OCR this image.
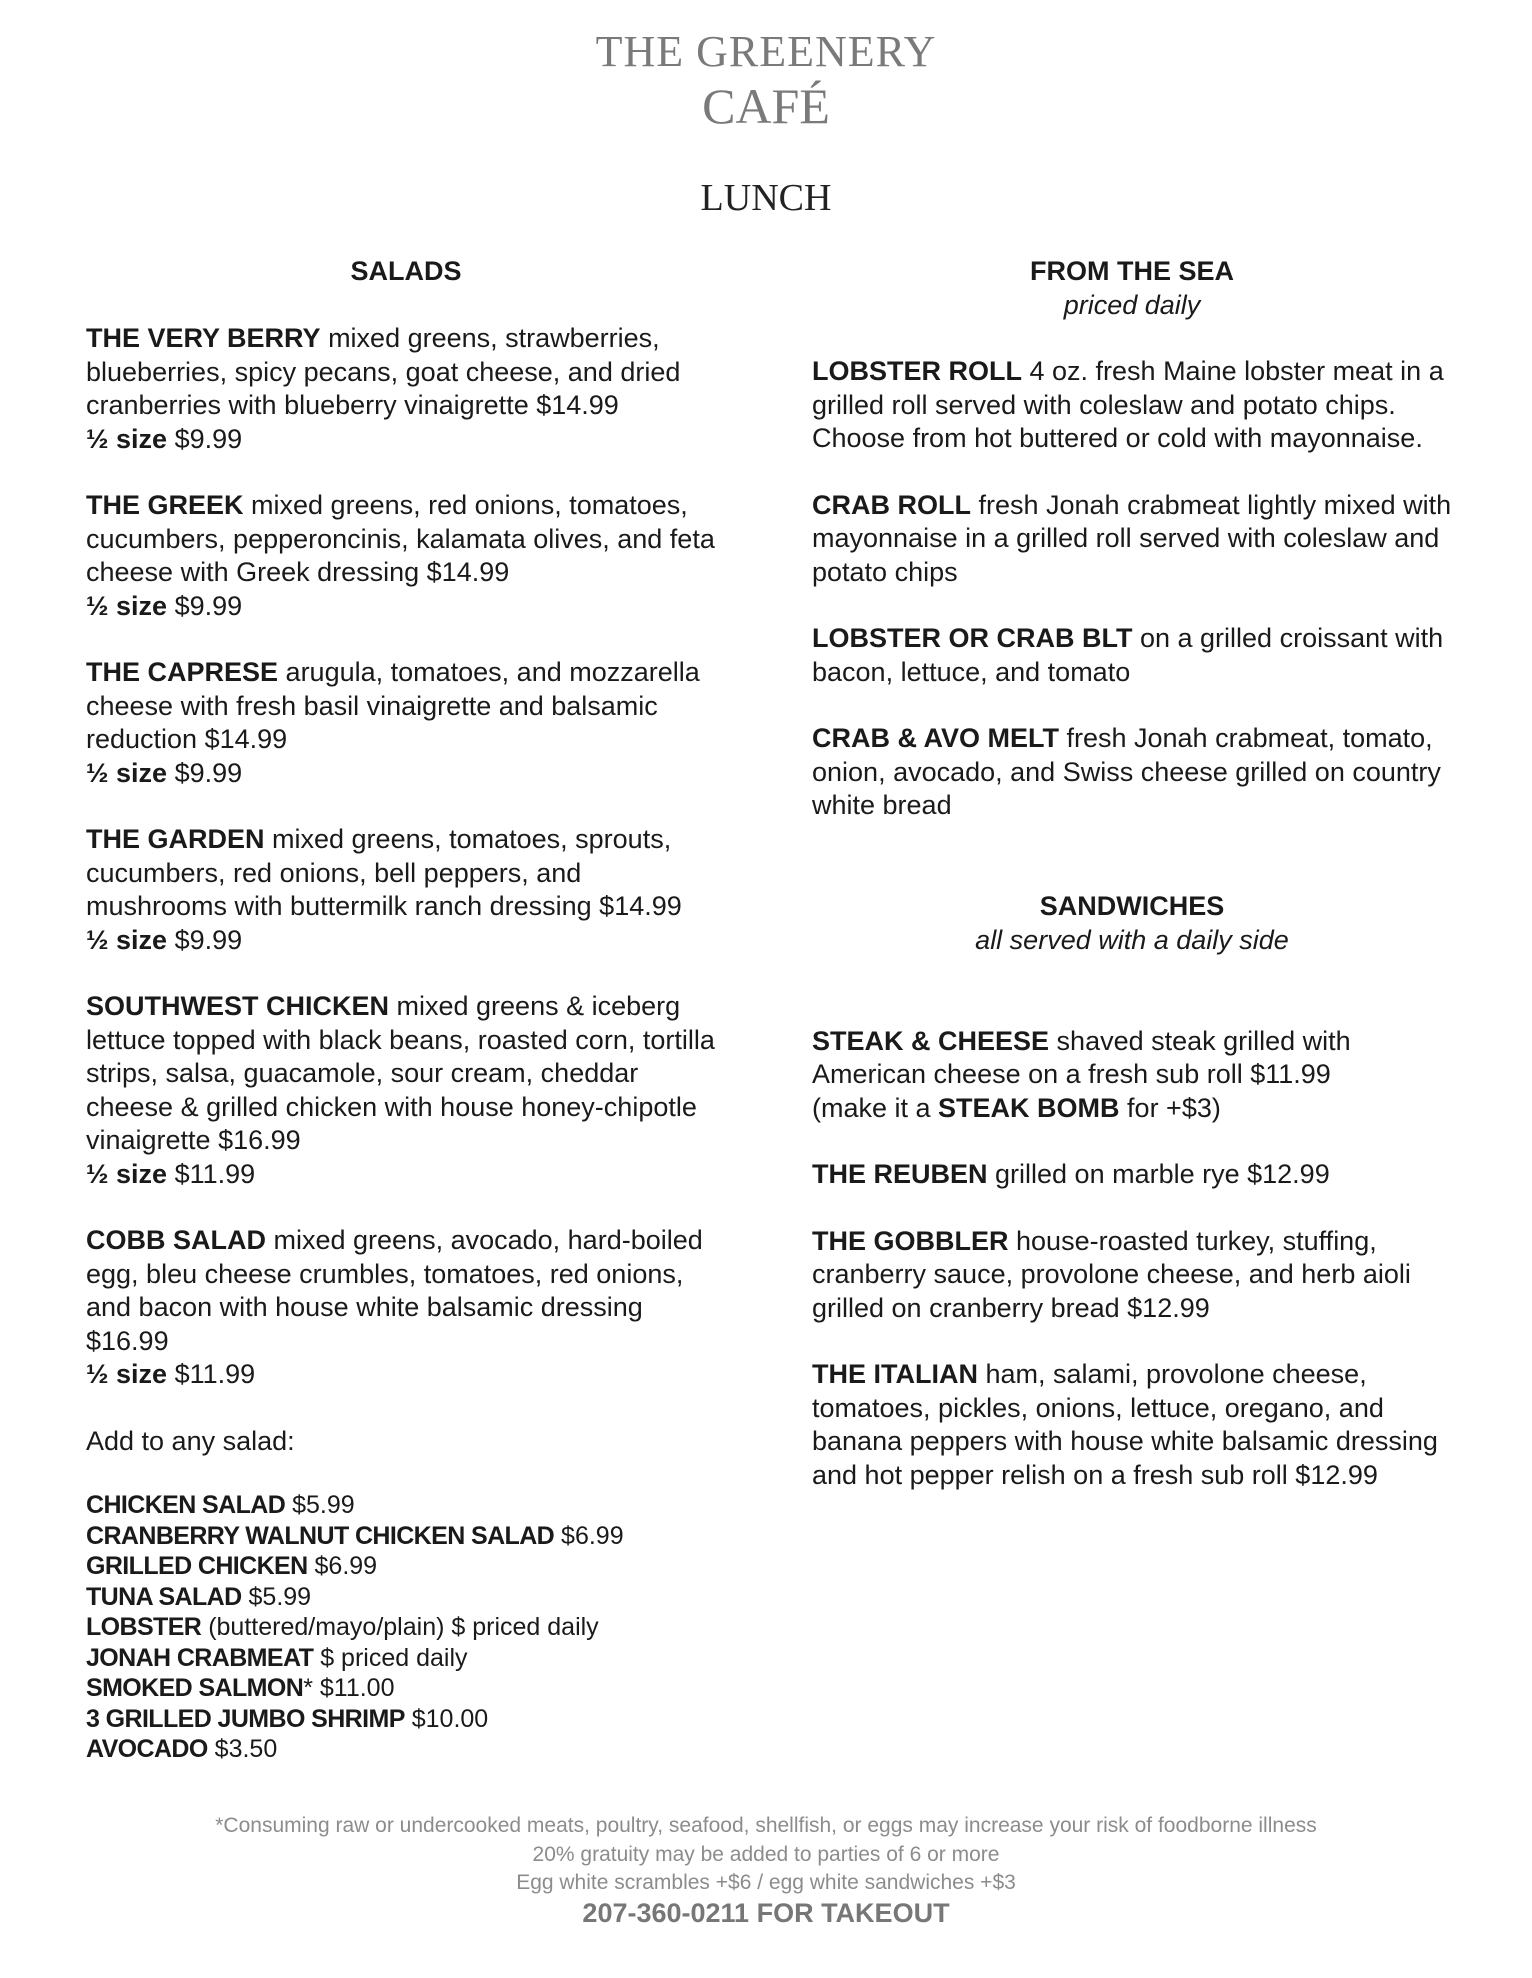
THE GREENERY
CAFÉ
LUNCH
SALADS

THE VERY BERRY mixed greens, strawberries, blueberries, spicy pecans, goat cheese, and dried cranberries with blueberry vinaigrette $14.99

½ size $9.99

THE GREEK mixed greens, red onions, tomatoes, cucumbers, pepperoncinis, kalamata olives, and feta cheese with Greek dressing $14.99

½ size $9.99

THE CAPRESE arugula, tomatoes, and mozzarella cheese with fresh basil vinaigrette and balsamic reduction $14.99

½ size $9.99

THE GARDEN mixed greens, tomatoes, sprouts, cucumbers, red onions, bell peppers, and mushrooms with buttermilk ranch dressing $14.99

½ size $9.99

SOUTHWEST CHICKEN mixed greens & iceberg lettuce topped with black beans, roasted corn, tortilla strips, salsa, guacamole, sour cream, cheddar cheese & grilled chicken with house honey-chipotle vinaigrette $16.99

½ size $11.99

COBB SALAD mixed greens, avocado, hard-boiled egg, bleu cheese crumbles, tomatoes, red onions, and bacon with house white balsamic dressing $16.99

½ size $11.99

Add to any salad:
CHICKEN SALAD $5.99
CRANBERRY WALNUT CHICKEN SALAD $6.99
GRILLED CHICKEN $6.99
TUNA SALAD $5.99
LOBSTER (buttered/mayo/plain) $ priced daily
JONAH CRABMEAT $ priced daily
SMOKED SALMON* $11.00
3 GRILLED JUMBO SHRIMP $10.00
AVOCADO $3.50
FROM THE SEA
priced daily

LOBSTER ROLL 4 oz. fresh Maine lobster meat in a grilled roll served with coleslaw and potato chips. Choose from hot buttered or cold with mayonnaise.

CRAB ROLL fresh Jonah crabmeat lightly mixed with mayonnaise in a grilled roll served with coleslaw and potato chips

LOBSTER OR CRAB BLT on a grilled croissant with bacon, lettuce, and tomato

CRAB & AVO MELT fresh Jonah crabmeat, tomato, onion, avocado, and Swiss cheese grilled on country white bread

SANDWICHES
all served with a daily side

STEAK & CHEESE shaved steak grilled with American cheese on a fresh sub roll $11.99

(make it a STEAK BOMB for +$3)

THE REUBEN grilled on marble rye $12.99

THE GOBBLER house-roasted turkey, stuffing, cranberry sauce, provolone cheese, and herb aioli grilled on cranberry bread $12.99

THE ITALIAN ham, salami, provolone cheese, tomatoes, pickles, onions, lettuce, oregano, and banana peppers with house white balsamic dressing and hot pepper relish on a fresh sub roll $12.99

*Consuming raw or undercooked meats, poultry, seafood, shellfish, or eggs may increase your risk of foodborne illness
20% gratuity may be added to parties of 6 or more
Egg white scrambles +$6 / egg white sandwiches +$3
207-360-0211 FOR TAKEOUT
